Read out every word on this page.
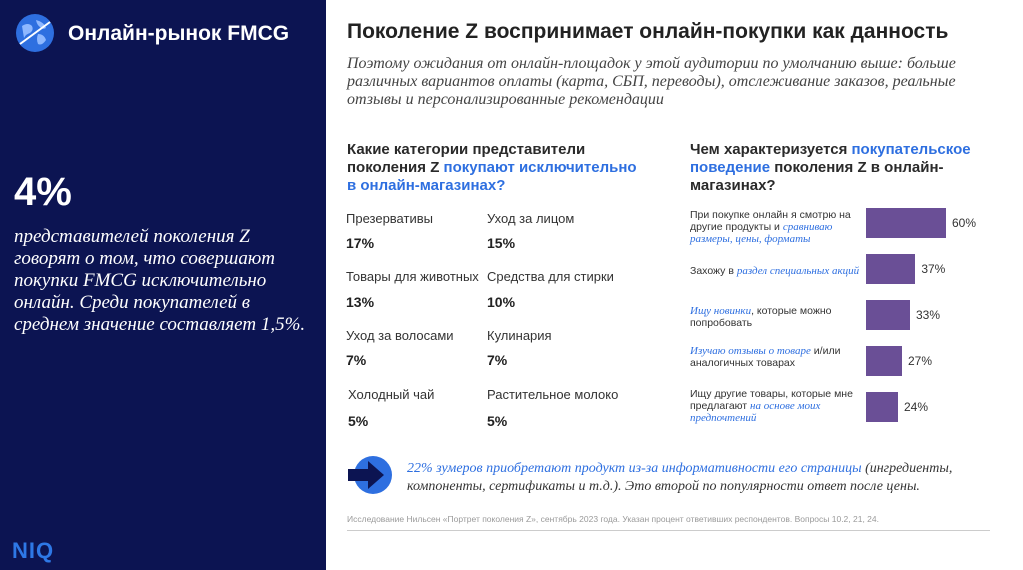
Онлайн-рынок FMCG
4%
представителей поколения Z говорят о том, что совершают покупки FMCG исключительно онлайн. Среди покупателей в среднем значение составляет 1,5%.
NIQ
Поколение Z воспринимает онлайн-покупки как данность
Поэтому ожидания от онлайн-площадок у этой аудитории по умолчанию выше: больше различных вариантов оплаты (карта, СБП, переводы), отслеживание заказов, реальные отзывы и персонализированные рекомендации
Какие категории представители поколения Z покупают исключительно в онлайн-магазинах?
Презервативы
17%
Уход за лицом
15%
Товары для животных
13%
Средства для стирки
10%
Уход за волосами
7%
Кулинария
7%
Холодный чай
5%
Растительное молоко
5%
Чем характеризуется покупательское поведение поколения Z в онлайн-магазинах?
При покупке онлайн я смотрю на другие продукты и сравниваю размеры, цены, форматы
Захожу в раздел специальных акций
Ищу новинки, которые можно попробовать
Изучаю отзывы о товаре и/или аналогичных товарах
Ищу другие товары, которые мне предлагают на основе моих предпочтений
60%
37%
33%
27%
24%
22% зумеров приобретают продукт из-за информативности его страницы (ингредиенты, компоненты, сертификаты и т.д.). Это второй по популярности ответ после цены.
Исследование Нильсен «Портрет поколения Z», сентябрь 2023 года. Указан процент ответивших респондентов. Вопросы 10.2, 21, 24.
